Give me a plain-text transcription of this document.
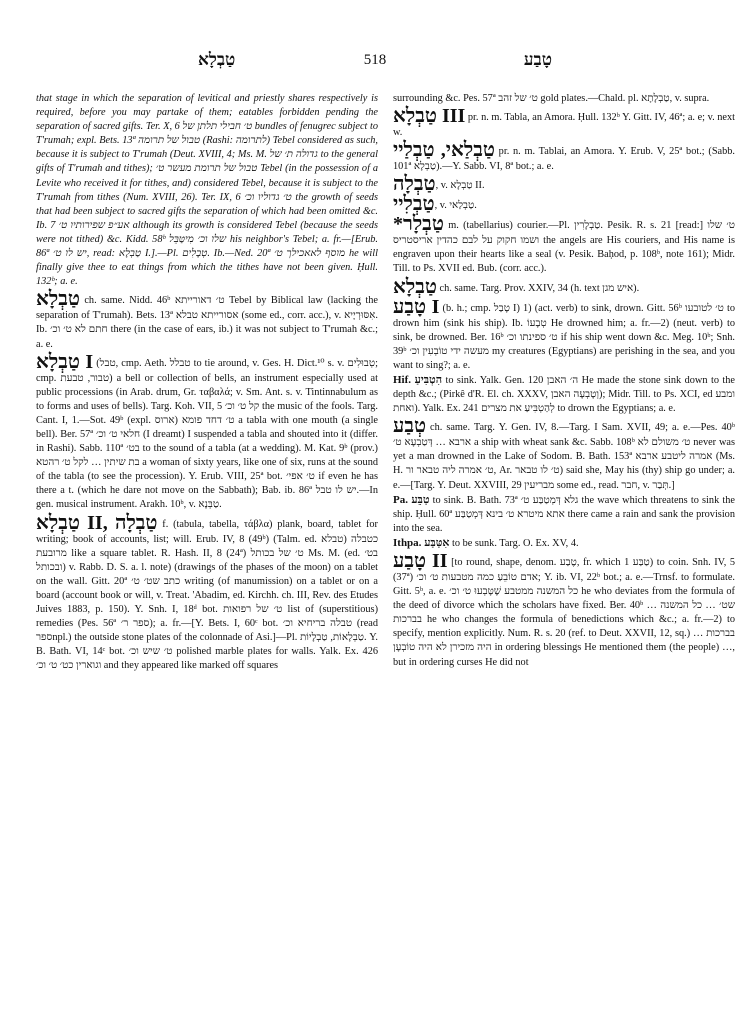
טַבְלָא	518	טָבַע

that stage in which the separation of levitical and priestly shares respectively is required, before you may partake of them; eatables forbidden pending the separation of sacred gifts. Ter. X, 6 ט׳ חבילי תלתן של bundles of fenugrec subject to T'rumah; expl. Bets. 13ª טבול של תרומה (Rashi: לתרומה) Tebel considered as such, because it is subject to T'rumah (Deut. XVIII, 4; Ms. M. גדולה ת׳ של to the general gifts of T'rumah and tithes); טבול של תרומת מעשר ט׳ Tebel (in the possession of a Levite who received it for tithes, and) considered Tebel, because it is subject to the T'rumah from tithes (Num. XVIII, 26). Ter. IX, 6 ט׳ גדוליו וכ׳ the growth of seeds that had been subject to sacred gifts the separation of which had been omitted &c. Ib. 7 אע״פ שפירותיו ט׳ although its growth is considered Tebel (because the seeds were not tithed) &c. Kidd. 58ᵇ שלו וכ׳ מִיטַּבֵּל his neighbor's Tebel; a. fr.—[Erub. 86ª יש לו ט׳, read: טַבְלָא I.].—Pl. טְבָלִים. Ib.—Ned. 20ª מוסף לאאכילך ט׳ he will finally give thee to eat things from which the tithes have not been given. Ḥull. 132ᵇ; a. e.

טַבְלָא ch. same. Nidd. 46ᵇ ט׳ דאורייתא Tebel by Biblical law (lacking the separation of T'rumah). Bets. 13ª אסורייתא טבלא (some ed., corr. acc.), v. אִסּוּרְיָיא. Ib. חתם לא ט׳ וכ׳ there (in the case of ears, ib.) it was not subject to T'rumah &c.; a. e.

טַבְלָא I (טבל, cmp. Aeth. טבלל to tie around, v. Ges. H. Dict.¹⁰ s. v. טְבוּלִים; cmp. טבור, טבעת) a bell or collection of bells, an instrument especially used at public processions (in Arab. drum, Gr. ταβαλά; v. Sm. Ant. s. v. Tintinnabulum as to forms and uses of bells). Targ. Koh. VII, 5 קל ט׳ וכ׳ the music of the fools. Targ. Cant. I, 1.—Sot. 49ᵇ (expl. ארוס) ט׳ דחד פומא a tabla with one mouth (a single bell). Ber. 57ª חלאי ט׳ וכ׳ (I dreamt) I suspended a tabla and shouted into it (differ. in Rashi). Sabb. 110ª בט׳ to the sound of a tabla (at a wedding). M. Kat. 9ᵇ (prov.) בת שיתין … לקל ט׳ רהטא a woman of sixty years, like one of six, runs at the sound of the tabla (to see the procession). Y. Erub. VIII, 25ª bot. ט׳ אפי׳ if even he has there a t. (which he dare not move on the Sabbath); Bab. ib. 86ª יש לו טבל.—In gen. musical instrument. Arakh. 10ᵇ, v. טַבְּנָא.

טַבְלָא II, טַבְלָה f. (tabula, tabella, τάβλα) plank, board, tablet for writing; book of accounts, list; will. Erub. IV, 8 (49ᵇ) (Talm. ed. טבלא) כטבלה מרובעת like a square tablet. R. Hash. II, 8 (24ª) ט׳ של בכותל Ms. M. (ed. בט׳ ובכותל) v. Rabb. D. S. a. l. note) (drawings of the phases of the moon) on a tablet on the wall. Gitt. 20ª כתב שט׳ ט׳ writing (of manumission) on a tablet or on a board (account book or will, v. Treat. 'Abadim, ed. Kirchh. ch. III, Rev. des Etudes Juives 1883, p. 150). Y. Snh. I, 18ᵈ bot. ט׳ של רפואות list of (superstitious) remedies (Pes. 56ª ספר ר׳); a. fr.—[Y. Bets. I, 60ᶜ bot. טבלה בריחיא וכ׳ (read ספרnpl.) the outside stone plates of the colonnade of Asi.]—Pl. טַבְלָאוֹת, טַבְלָיוֹת. Y. B. Bath. VI, 14ᶜ bot. ט׳ שיש וכ׳ polished marble plates for walls. Yalk. Ex. 426 וגוארין כט׳ ט׳ וכ׳ and they appeared like marked off squares

surrounding &c. Pes. 57ª ט׳ של זהב gold plates.—Chald. pl. טַבְלָתָא, v. supra.

טַבְלָא III pr. n. m. Tabla, an Amora. Ḥull. 132ᵇ Y. Gitt. IV, 46ª; a. e; v. next w.

טַבְלַאי, טַבְלַיי pr. n. m. Tablai, an Amora. Y. Erub. V, 25ª bot.; (Sabb. 101ª טַבְלָא).—Y. Sabb. VI, 8ª bot.; a. e.

טַבְלָה, v. טַבְלָא II.

טַבְלִיי, v. טַבְלַאי.

*טַבְלָר m. (tabellarius) courier.—Pl. טַבְלָרִין. Pesik. R. s. 21 [read:] ט׳ שלו ושמו חקוק על לבם כהדין אריסטריס the angels are His couriers, and His name is engraven upon their hearts like a seal (v. Pesik. Baḥod, p. 108ᵇ, note 161); Midr. Till. to Ps. XVII ed. Bub. (corr. acc.).

טַבְלָא ch. same. Targ. Prov. XXIV, 34 (h. text איש מגן).

טָבַע I (b. h.; cmp. טָבַל I) 1) (act. verb) to sink, drown. Gitt. 56ᵇ ט׳ לטובעו to drown him (sink his ship). Ib. טְבָעוֹ He drowned him; a. fr.—2) (neut. verb) to sink, be drowned. Ber. 16ᵇ ט׳ ספינתו וכ׳ if his ship went down &c. Meg. 10ᵇ; Snh. 39ᵇ מעשה ידי טוֹבְעִין וכ׳ my creatures (Egyptians) are perishing in the sea, and you want to sing?; a. e.

Hif. הִטְבִּיעַ to sink. Yalk. Gen. 120 ה׳ האבן He made the stone sink down to the depth &c.; (Pirkê d'R. El. ch. XXXV, וְטָבְעָה האבן); Midr. Till. to Ps. XCI, ed ומבע ואחת). Yalk. Ex. 241 לְהַטְבִּיעַ את מצרים to drown the Egyptians; a. e.

טְבַע ch. same. Targ. Y. Gen. IV, 8.—Targ. I Sam. XVII, 49; a. e.—Pes. 40ᵇ ארבא … דְּטַבְעָא ט׳ a ship with wheat sank &c. Sabb. 108ᵇ ט׳ משולם לא never was yet a man drowned in the Lake of Sodom. B. Bath. 153ª אמרה ליטבע ארבא (Ms. H. ט׳ אמרה ליה טבאר ור, Ar. ט׳ לו טבאר) said she, May his (thy) ship go under; a. e.—[Targ. Y. Deut. XXVIII, 29 מבריעין some ed., read. חבר, v. תְּבַר.]

Pa. טַבֵּע to sink. B. Bath. 73ª גלא דְּמְטַבַּע ט׳ the wave which threatens to sink the ship. Ḥull. 60ª אתא מיטרא ט׳ בינא דְּמְטַבַּע there came a rain and sank the provision into the sea.

Ithpa. אִטַּבַּע to be sunk. Targ. O. Ex. XV, 4.

טָבַע II [to round, shape, denom. טֶבַע, fr. which טַבַּע 1) to coin. Snh. IV, 5 (37ª) אדם טוֹבֵעַ כמה מטבעות ט׳ וכ׳; Y. ib. VI, 22ᵇ bot.; a. e.—Trnsf. to formulate. Gitt. 5ᵇ, a. e. כל המשנה ממטבע שֶׁטָּבְעוּ ט׳ וכ׳ he who deviates from the formula of the deed of divorce which the scholars have fixed. Ber. 40ᵇ … שט׳ … כל המשנה בברכות he who changes the formula of benedictions which &c.; a. fr.—2) to specify, mention explicitly. Num. R. s. 20 (ref. to Deut. XXVII, 12, sq.) … בברכות היה מזכירן לא היה טוֹבְעָן in ordering blessings He mentioned them (the people) …, but in ordering curses He did not
